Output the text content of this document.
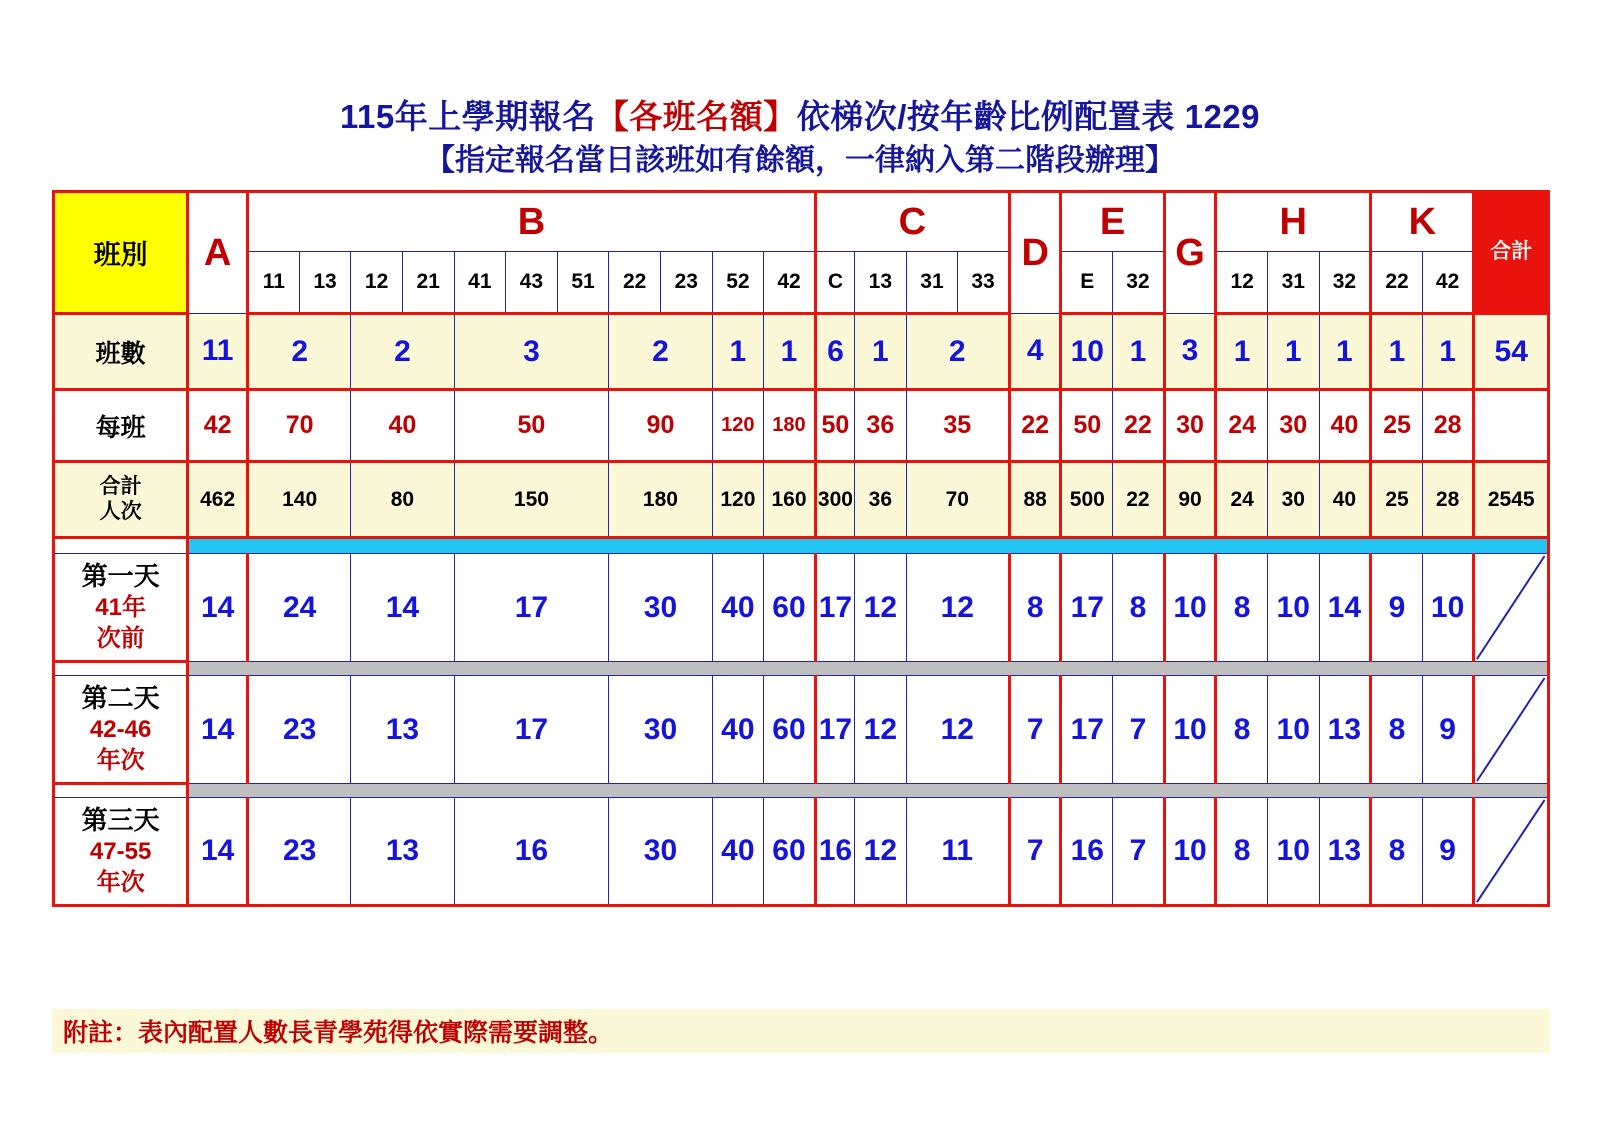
115年上學期報名【各班名額】依梯次/按年齡比例配置表 1229
【指定報名當日該班如有餘額，一律納入第二階段辦理】
班別	A	B											C				D	E		G	H			K		合計
		11	13	12	21	41	43	51	22	23	52	42	C	13	31	33		E	32		12	31	32	22	42	
班數	11	2		2		3			2		1	1	6	1	2		4	10	1	3	1	1	1	1	1	54
每班	42	70		40		50			90		120	180	50	36	35		22	50	22	30	24	30	40	25	28	

合計
人次	462	140		80		150			180		120	160	300	36	70		88	500	22	90	24	30	40	25	28	2545

第一天
41年
次前	14	24		14		17			30		40	60	17	12	12		8	17	8	10	8	10	14	9	10	

第二天
42-46
年次	14	23		13		17			30		40	60	17	12	12		7	17	7	10	8	10	13	8	9	

第三天
47-55
年次	14	23		13		16			30		40	60	16	12	11		7	16	7	10	8	10	13	8	9	
附註：表內配置人數長青學苑得依實際需要調整。
